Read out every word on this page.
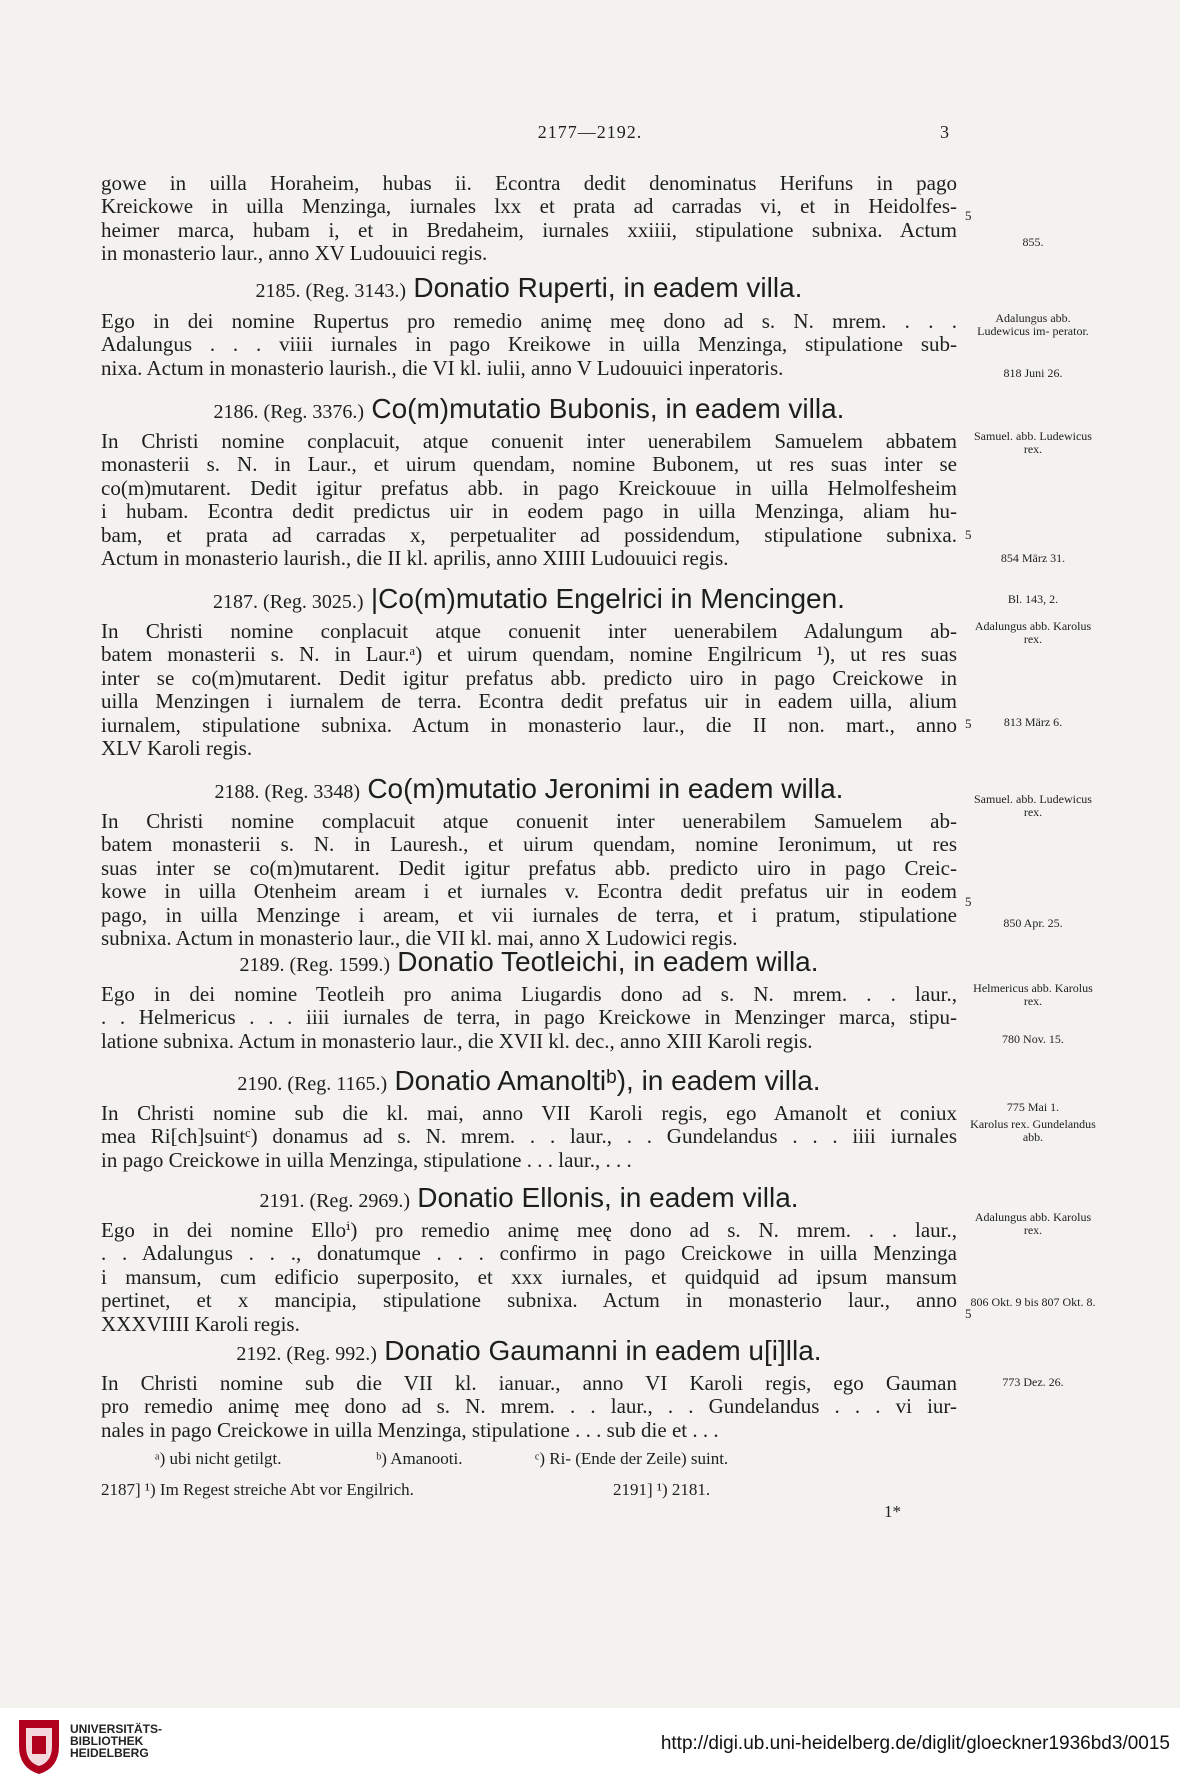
2177—2192.	3
gowe in uilla Horaheim, hubas ii. Econtra dedit denominatus Herifuns in pago
Kreickowe in uilla Menzinga, iurnales lxx et prata ad carradas vi, et in Heidolfes-
heimer marca, hubam i, et in Bredaheim, iurnales xxiiii, stipulatione subnixa. Actum
in monasterio laur., anno XV Ludouuici regis.
2185. (Reg. 3143.) Donatio Ruperti, in eadem villa.
Ego in dei nomine Rupertus pro remedio animę meę dono ad s. N. mrem. . . .
Adalungus . . . viiii iurnales in pago Kreikowe in uilla Menzinga, stipulatione sub-
nixa. Actum in monasterio laurish., die VI kl. iulii, anno V Ludouuici inperatoris.
2186. (Reg. 3376.) Co(m)mutatio Bubonis, in eadem villa.
In Christi nomine conplacuit, atque conuenit inter uenerabilem Samuelem abbatem
monasterii s. N. in Laur., et uirum quendam, nomine Bubonem, ut res suas inter se
co(m)mutarent. Dedit igitur prefatus abb. in pago Kreickouue in uilla Helmolfesheim
i hubam. Econtra dedit predictus uir in eodem pago in uilla Menzinga, aliam hu-
bam, et prata ad carradas x, perpetualiter ad possidendum, stipulatione subnixa.
Actum in monasterio laurish., die II kl. aprilis, anno XIIII Ludouuici regis.
2187. (Reg. 3025.) |Co(m)mutatio Engelrici in Mencingen.
In Christi nomine conplacuit atque conuenit inter uenerabilem Adalungum ab-
batem monasterii s. N. in Laur.ᵃ) et uirum quendam, nomine Engilricum ¹), ut res suas
inter se co(m)mutarent. Dedit igitur prefatus abb. predicto uiro in pago Creickowe in
uilla Menzingen i iurnalem de terra. Econtra dedit prefatus uir in eadem uilla, alium
iurnalem, stipulatione subnixa. Actum in monasterio laur., die II non. mart., anno
XLV Karoli regis.
2188. (Reg. 3348) Co(m)mutatio Jeronimi in eadem willa.
In Christi nomine complacuit atque conuenit inter uenerabilem Samuelem ab-
batem monasterii s. N. in Lauresh., et uirum quendam, nomine Ieronimum, ut res
suas inter se co(m)mutarent. Dedit igitur prefatus abb. predicto uiro in pago Creic-
kowe in uilla Otenheim aream i et iurnales v. Econtra dedit prefatus uir in eodem
pago, in uilla Menzinge i aream, et vii iurnales de terra, et i pratum, stipulatione
subnixa. Actum in monasterio laur., die VII kl. mai, anno X Ludowici regis.
2189. (Reg. 1599.) Donatio Teotleichi, in eadem willa.
Ego in dei nomine Teotleih pro anima Liugardis dono ad s. N. mrem. . . laur.,
. . Helmericus . . . iiii iurnales de terra, in pago Kreickowe in Menzinger marca, stipu-
latione subnixa. Actum in monasterio laur., die XVII kl. dec., anno XIII Karoli regis.
2190. (Reg. 1165.) Donatio Amanoltiᵇ), in eadem villa.
In Christi nomine sub die kl. mai, anno VII Karoli regis, ego Amanolt et coniux
mea Ri[ch]suintᶜ) donamus ad s. N. mrem. . . laur., . . Gundelandus . . . iiii iurnales
in pago Creickowe in uilla Menzinga, stipulatione . . . laur., . . .
2191. (Reg. 2969.) Donatio Ellonis, in eadem villa.
Ego in dei nomine Elloⁱ) pro remedio animę meę dono ad s. N. mrem. . . laur.,
. . Adalungus . . ., donatumque . . . confirmo in pago Creickowe in uilla Menzinga
i mansum, cum edificio superposito, et xxx iurnales, et quidquid ad ipsum mansum
pertinet, et x mancipia, stipulatione subnixa. Actum in monasterio laur., anno
XXXVIIII Karoli regis.
2192. (Reg. 992.) Donatio Gaumanni in eadem u[i]lla.
In Christi nomine sub die VII kl. ianuar., anno VI Karoli regis, ego Gauman
pro remedio animę meę dono ad s. N. mrem. . . laur., . . Gundelandus . . . vi iur-
nales in pago Creickowe in uilla Menzinga, stipulatione . . . sub die et . . .
855.
Adalungus abb. Ludewicus im- perator.
818 Juni 26.
Samuel. abb. Ludewicus rex.
854 März 31.
Bl. 143, 2.
Adalungus abb. Karolus rex.
813 März 6.
Samuel. abb. Ludewicus rex.
850 Apr. 25.
Helmericus abb. Karolus rex.
780 Nov. 15.
775 Mai 1.
Karolus rex. Gundelandus abb.
Adalungus abb. Karolus rex.
806 Okt. 9 bis 807 Okt. 8.
773 Dez. 26.
5
5
5
5
5
ᵃ) ubi nicht getilgt.	ᵇ) Amanooti.	ᶜ) Ri- (Ende der Zeile) suint.
2187] ¹) Im Regest streiche Abt vor Engilrich.	2191] ¹) 2181.
1*
UNIVERSITÄTS-
BIBLIOTHEK
HEIDELBERG	http://digi.ub.uni-heidelberg.de/diglit/gloeckner1936bd3/0015
